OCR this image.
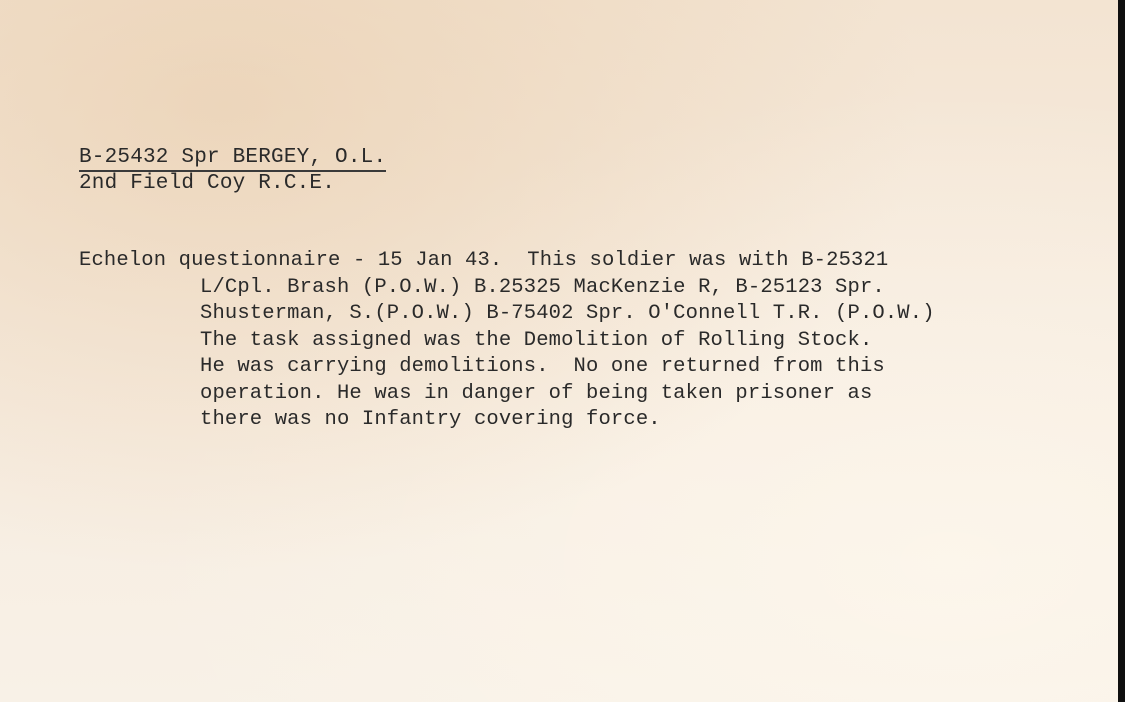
B-25432 Spr BERGEY, O.L.
2nd Field Coy R.C.E.
Echelon questionnaire - 15 Jan 43.  This soldier was with B-25321
L/Cpl. Brash (P.O.W.) B.25325 MacKenzie R, B-25123 Spr.
Shusterman, S.(P.O.W.) B-75402 Spr. O'Connell T.R. (P.O.W.)
The task assigned was the Demolition of Rolling Stock.
He was carrying demolitions.  No one returned from this
operation. He was in danger of being taken prisoner as
there was no Infantry covering force.
